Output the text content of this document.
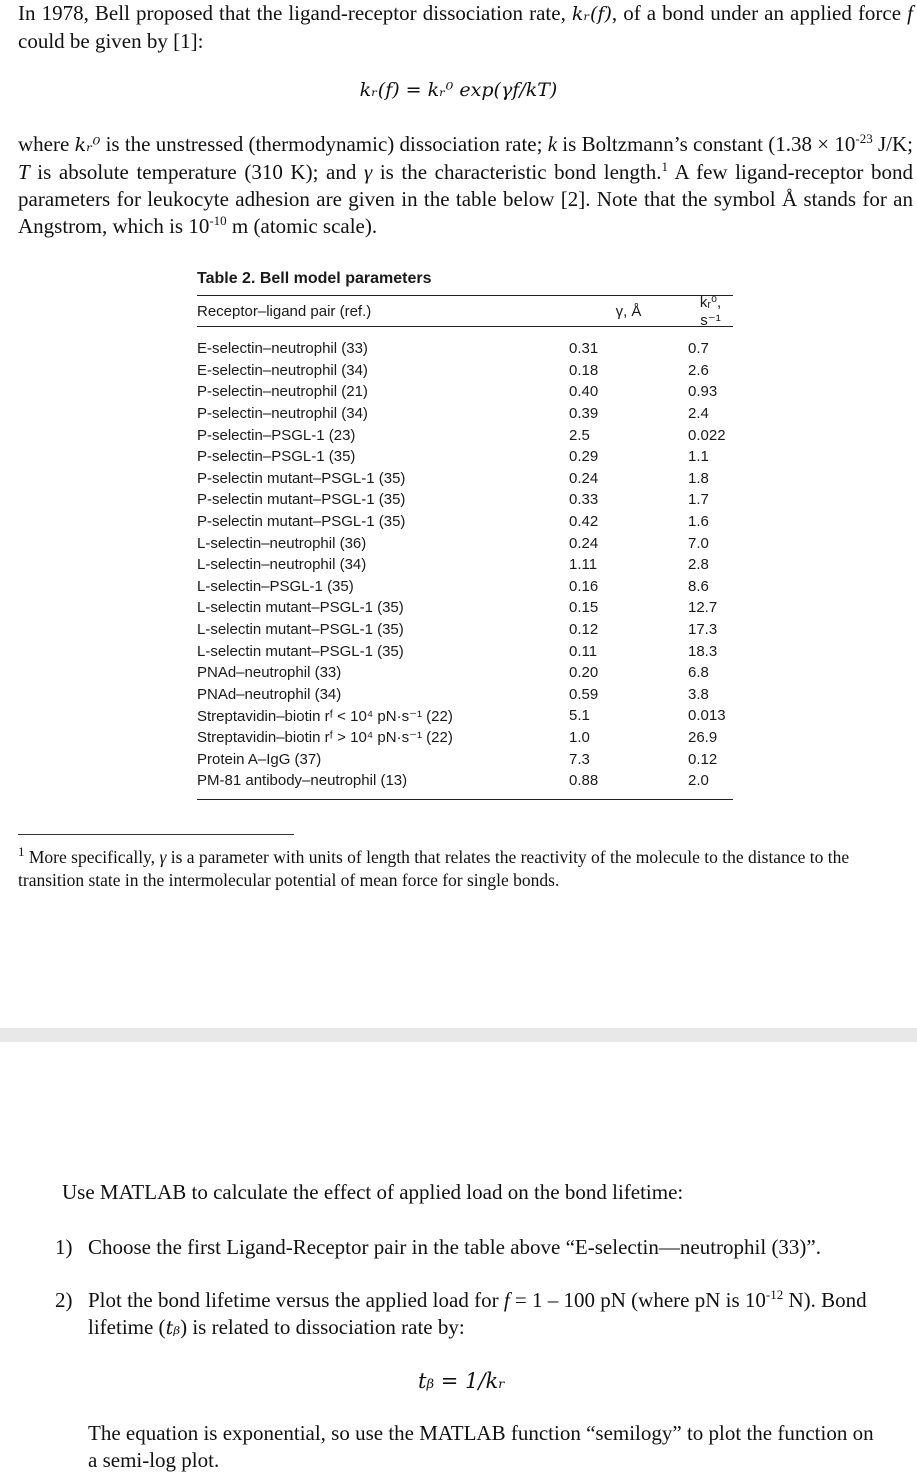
In 1978, Bell proposed that the ligand-receptor dissociation rate, kᵣ(f), of a bond under an applied force f could be given by [1]:
kᵣ(f) = kᵣ⁰ exp(γf/kT)
where kᵣ⁰ is the unstressed (thermodynamic) dissociation rate; k is Boltzmann’s constant ($1.38 \times 10^{-23}$ J/K; T is absolute temperature (310 K); and γ is the characteristic bond length.$^1$ A few ligand-receptor bond parameters for leukocyte adhesion are given in the table below [2]. Note that the symbol Å stands for an Angstrom, which is $10^{-10}$ m (atomic scale).
Table 2. Bell model parameters
Receptor–ligand pair (ref.)	γ, Å	kᵣ⁰, s⁻¹
E-selectin–neutrophil (33)	0.31	0.7
E-selectin–neutrophil (34)	0.18	2.6
P-selectin–neutrophil (21)	0.40	0.93
P-selectin–neutrophil (34)	0.39	2.4
P-selectin–PSGL-1 (23)	2.5	0.022
P-selectin–PSGL-1 (35)	0.29	1.1
P-selectin mutant–PSGL-1 (35)	0.24	1.8
P-selectin mutant–PSGL-1 (35)	0.33	1.7
P-selectin mutant–PSGL-1 (35)	0.42	1.6
L-selectin–neutrophil (36)	0.24	7.0
L-selectin–neutrophil (34)	1.11	2.8
L-selectin–PSGL-1 (35)	0.16	8.6
L-selectin mutant–PSGL-1 (35)	0.15	12.7
L-selectin mutant–PSGL-1 (35)	0.12	17.3
L-selectin mutant–PSGL-1 (35)	0.11	18.3
PNAd–neutrophil (33)	0.20	6.8
PNAd–neutrophil (34)	0.59	3.8
Streptavidin–biotin rᶠ < 10⁴ pN·s⁻¹ (22)	5.1	0.013
Streptavidin–biotin rᶠ > 10⁴ pN·s⁻¹ (22)	1.0	26.9
Protein A–IgG (37)	7.3	0.12
PM-81 antibody–neutrophil (13)	0.88	2.0
$^1$ More specifically, γ is a parameter with units of length that relates the reactivity of the molecule to the distance to the transition state in the intermolecular potential of mean force for single bonds.
Use MATLAB to calculate the effect of applied load on the bond lifetime:
1) Choose the first Ligand-Receptor pair in the table above “E-selectin—neutrophil (33)”.
2) Plot the bond lifetime versus the applied load for f = 1 – 100 pN (where pN is $10^{-12}$ N). Bond lifetime (tᵦ) is related to dissociation rate by:
tᵦ = 1/kᵣ
The equation is exponential, so use the MATLAB function “semilogy” to plot the function on a semi-log plot.
